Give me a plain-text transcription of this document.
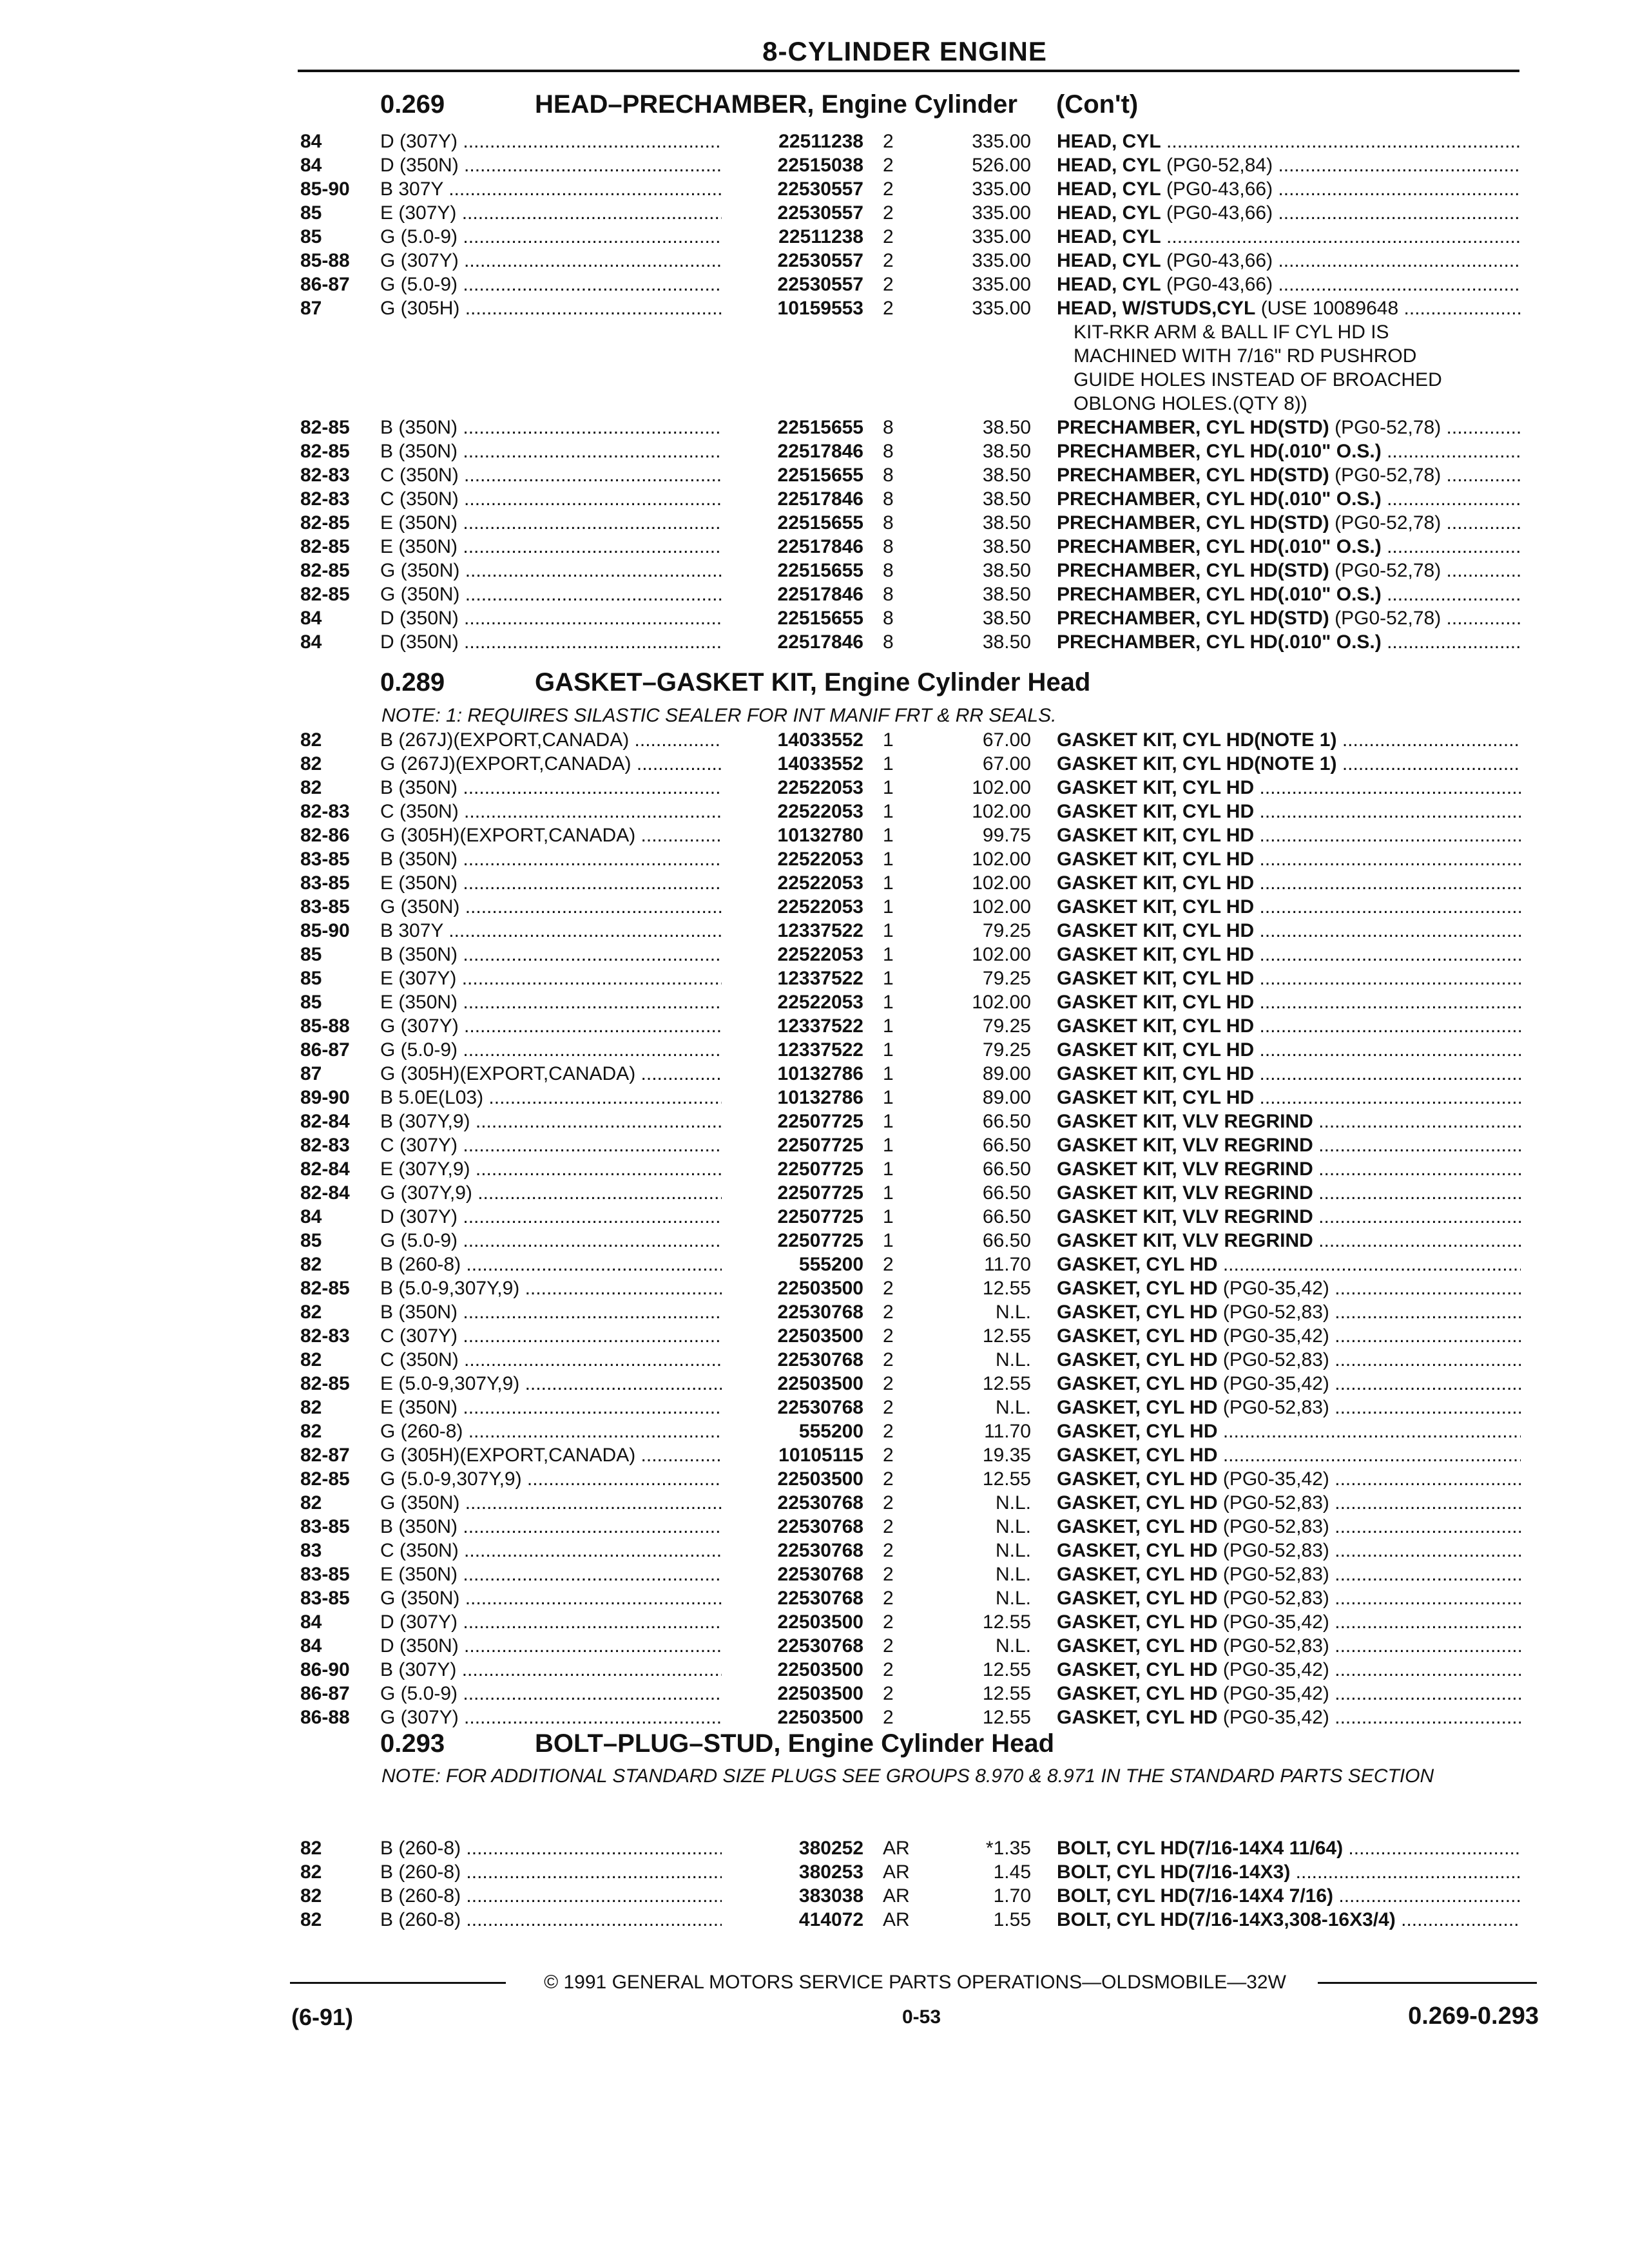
8-CYLINDER ENGINE
0.269	HEAD–PRECHAMBER, Engine Cylinder (Con't)
84	D (307Y) .....	22511238 2	335.00 HEAD, CYL .....
84	D (350N) .....	22515038 2	526.00 HEAD, CYL (PG0-52,84) .....
85-90 B 307Y .....	22530557 2	335.00 HEAD, CYL (PG0-43,66) .....
85	E (307Y) .....	22530557 2	335.00 HEAD, CYL (PG0-43,66) .....
85	G (5.0-9) .....	22511238 2	335.00 HEAD, CYL .....
85-88 G (307Y) .....	22530557 2	335.00 HEAD, CYL (PG0-43,66) .....
86-87 G (5.0-9) .....	22530557 2	335.00 HEAD, CYL (PG0-43,66) .....
87	G (305H) .....	10159553 2	335.00 HEAD, W/STUDS,CYL (USE 10089648 .....
KIT-RKR ARM & BALL IF CYL HD IS
MACHINED WITH 7/16" RD PUSHROD
GUIDE HOLES INSTEAD OF BROACHED
OBLONG HOLES.(QTY 8))
82-85 B (350N) .....	22515655 8	38.50 PRECHAMBER, CYL HD(STD) (PG0-52,78) .....
82-85 B (350N) .....	22517846 8	38.50 PRECHAMBER, CYL HD(.010" O.S.) .....
82-83 C (350N) .....	22515655 8	38.50 PRECHAMBER, CYL HD(STD) (PG0-52,78) .....
82-83 C (350N) .....	22517846 8	38.50 PRECHAMBER, CYL HD(.010" O.S.) .....
82-85 E (350N) .....	22515655 8	38.50 PRECHAMBER, CYL HD(STD) (PG0-52,78) .....
82-85 E (350N) .....	22517846 8	38.50 PRECHAMBER, CYL HD(.010" O.S.) .....
82-85 G (350N) .....	22515655 8	38.50 PRECHAMBER, CYL HD(STD) (PG0-52,78) .....
82-85 G (350N) .....	22517846 8	38.50 PRECHAMBER, CYL HD(.010" O.S.) .....
84	D (350N) .....	22515655 8	38.50 PRECHAMBER, CYL HD(STD) (PG0-52,78) .....
84	D (350N) .....	22517846 8	38.50 PRECHAMBER, CYL HD(.010" O.S.) .....
0.289	GASKET–GASKET KIT, Engine Cylinder Head
NOTE: 1: REQUIRES SILASTIC SEALER FOR INT MANIF FRT & RR SEALS.
82	B (267J)(EXPORT,CANADA) .....	14033552 1	67.00 GASKET KIT, CYL HD(NOTE 1) .....
82	G (267J)(EXPORT,CANADA) .....	14033552 1	67.00 GASKET KIT, CYL HD(NOTE 1) .....
82	B (350N) .....	22522053 1	102.00 GASKET KIT, CYL HD .....
82-83 C (350N) .....	22522053 1	102.00 GASKET KIT, CYL HD .....
82-86 G (305H)(EXPORT,CANADA) .....	10132780 1	99.75 GASKET KIT, CYL HD .....
83-85 B (350N) .....	22522053 1	102.00 GASKET KIT, CYL HD .....
83-85 E (350N) .....	22522053 1	102.00 GASKET KIT, CYL HD .....
83-85 G (350N) .....	22522053 1	102.00 GASKET KIT, CYL HD .....
85-90 B 307Y .....	12337522 1	79.25 GASKET KIT, CYL HD .....
85	B (350N) .....	22522053 1	102.00 GASKET KIT, CYL HD .....
85	E (307Y) .....	12337522 1	79.25 GASKET KIT, CYL HD .....
85	E (350N) .....	22522053 1	102.00 GASKET KIT, CYL HD .....
85-88 G (307Y) .....	12337522 1	79.25 GASKET KIT, CYL HD .....
86-87 G (5.0-9) .....	12337522 1	79.25 GASKET KIT, CYL HD .....
87	G (305H)(EXPORT,CANADA) .....	10132786 1	89.00 GASKET KIT, CYL HD .....
89-90 B 5.0E(L03) .....	10132786 1	89.00 GASKET KIT, CYL HD .....
82-84 B (307Y,9) .....	22507725 1	66.50 GASKET KIT, VLV REGRIND .....
82-83 C (307Y) .....	22507725 1	66.50 GASKET KIT, VLV REGRIND .....
82-84 E (307Y,9) .....	22507725 1	66.50 GASKET KIT, VLV REGRIND .....
82-84 G (307Y,9) .....	22507725 1	66.50 GASKET KIT, VLV REGRIND .....
84	D (307Y) .....	22507725 1	66.50 GASKET KIT, VLV REGRIND .....
85	G (5.0-9) .....	22507725 1	66.50 GASKET KIT, VLV REGRIND .....
82	B (260-8) .....	555200 2	11.70 GASKET, CYL HD .....
82-85 B (5.0-9,307Y,9) .....	22503500 2	12.55 GASKET, CYL HD (PG0-35,42) .....
82	B (350N) .....	22530768 2	N.L. GASKET, CYL HD (PG0-52,83) .....
82-83 C (307Y) .....	22503500 2	12.55 GASKET, CYL HD (PG0-35,42) .....
82	C (350N) .....	22530768 2	N.L. GASKET, CYL HD (PG0-52,83) .....
82-85 E (5.0-9,307Y,9) .....	22503500 2	12.55 GASKET, CYL HD (PG0-35,42) .....
82	E (350N) .....	22530768 2	N.L. GASKET, CYL HD (PG0-52,83) .....
82	G (260-8) .....	555200 2	11.70 GASKET, CYL HD .....
82-87 G (305H)(EXPORT,CANADA) .....	10105115 2	19.35 GASKET, CYL HD .....
82-85 G (5.0-9,307Y,9) .....	22503500 2	12.55 GASKET, CYL HD (PG0-35,42) .....
82	G (350N) .....	22530768 2	N.L. GASKET, CYL HD (PG0-52,83) .....
83-85 B (350N) .....	22530768 2	N.L. GASKET, CYL HD (PG0-52,83) .....
83	C (350N) .....	22530768 2	N.L. GASKET, CYL HD (PG0-52,83) .....
83-85 E (350N) .....	22530768 2	N.L. GASKET, CYL HD (PG0-52,83) .....
83-85 G (350N) .....	22530768 2	N.L. GASKET, CYL HD (PG0-52,83) .....
84	D (307Y) .....	22503500 2	12.55 GASKET, CYL HD (PG0-35,42) .....
84	D (350N) .....	22530768 2	N.L. GASKET, CYL HD (PG0-52,83) .....
86-90 B (307Y) .....	22503500 2	12.55 GASKET, CYL HD (PG0-35,42) .....
86-87 G (5.0-9) .....	22503500 2	12.55 GASKET, CYL HD (PG0-35,42) .....
86-88 G (307Y) .....	22503500 2	12.55 GASKET, CYL HD (PG0-35,42) .....
0.293	BOLT–PLUG–STUD, Engine Cylinder Head
NOTE: FOR ADDITIONAL STANDARD SIZE PLUGS SEE GROUPS 8.970 & 8.971 IN THE STANDARD PARTS SECTION
82	B (260-8) .....	380252 AR	*1.35 BOLT, CYL HD(7/16-14X4 11/64) .....
82	B (260-8) .....	380253 AR	1.45 BOLT, CYL HD(7/16-14X3) .....
82	B (260-8) .....	383038 AR	1.70 BOLT, CYL HD(7/16-14X4 7/16) .....
82	B (260-8) .....	414072 AR	1.55 BOLT, CYL HD(7/16-14X3,308-16X3/4) .....
© 1991 GENERAL MOTORS SERVICE PARTS OPERATIONS—OLDSMOBILE—32W
(6-91)	0-53	0.269-0.293
